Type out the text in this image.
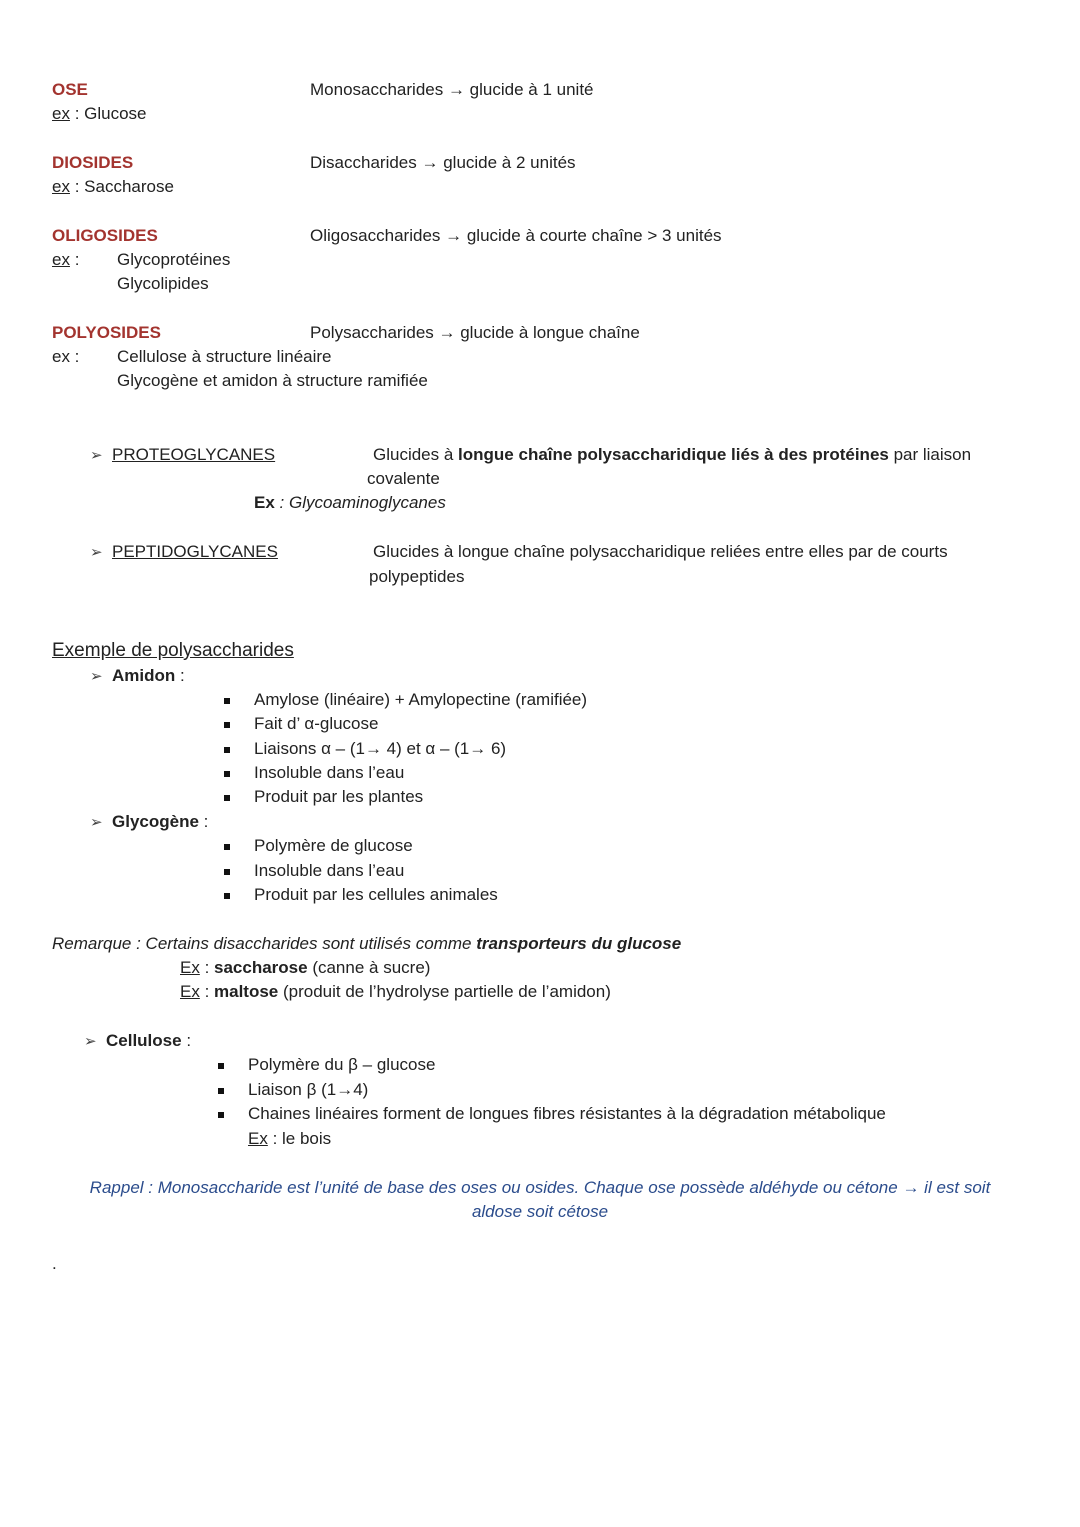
OSE
ex : Glucose
Monosaccharides → glucide à 1 unité
DIOSIDES
ex : Saccharose
Disaccharides → glucide à 2 unités
OLIGOSIDES
ex : Glycoprotéines
Glycolipides
Oligosaccharides → glucide à courte chaîne > 3 unités
POLYOSIDES
ex : Cellulose à structure linéaire
Glycogène et amidon à structure ramifiée
Polysaccharides → glucide à longue chaîne
➢ PROTEOGLYCANES	Glucides à longue chaîne polysaccharidique liés à des protéines par liaison
covalente
Ex : Glycoaminoglycanes
➢ PEPTIDOGLYCANES	Glucides à longue chaîne polysaccharidique reliées entre elles par de courts
polypeptides
Exemple de polysaccharides
➢ Amidon :
Amylose (linéaire) + Amylopectine (ramifiée)
Fait d’ α-glucose
Liaisons α – (1→ 4) et α – (1→ 6)
Insoluble dans l’eau
Produit par les plantes
➢ Glycogène :
Polymère de glucose
Insoluble dans l’eau
Produit par les cellules animales
Remarque : Certains disaccharides sont utilisés comme transporteurs du glucose
Ex : saccharose (canne à sucre)
Ex : maltose (produit de l’hydrolyse partielle de l’amidon)
➢ Cellulose :
Polymère du β – glucose
Liaison β (1→4)
Chaines linéaires forment de longues fibres résistantes à la dégradation métabolique
Ex : le bois
Rappel : Monosaccharide est l’unité de base des oses ou osides. Chaque ose possède aldéhyde ou cétone → il est soit
aldose soit cétose
.
